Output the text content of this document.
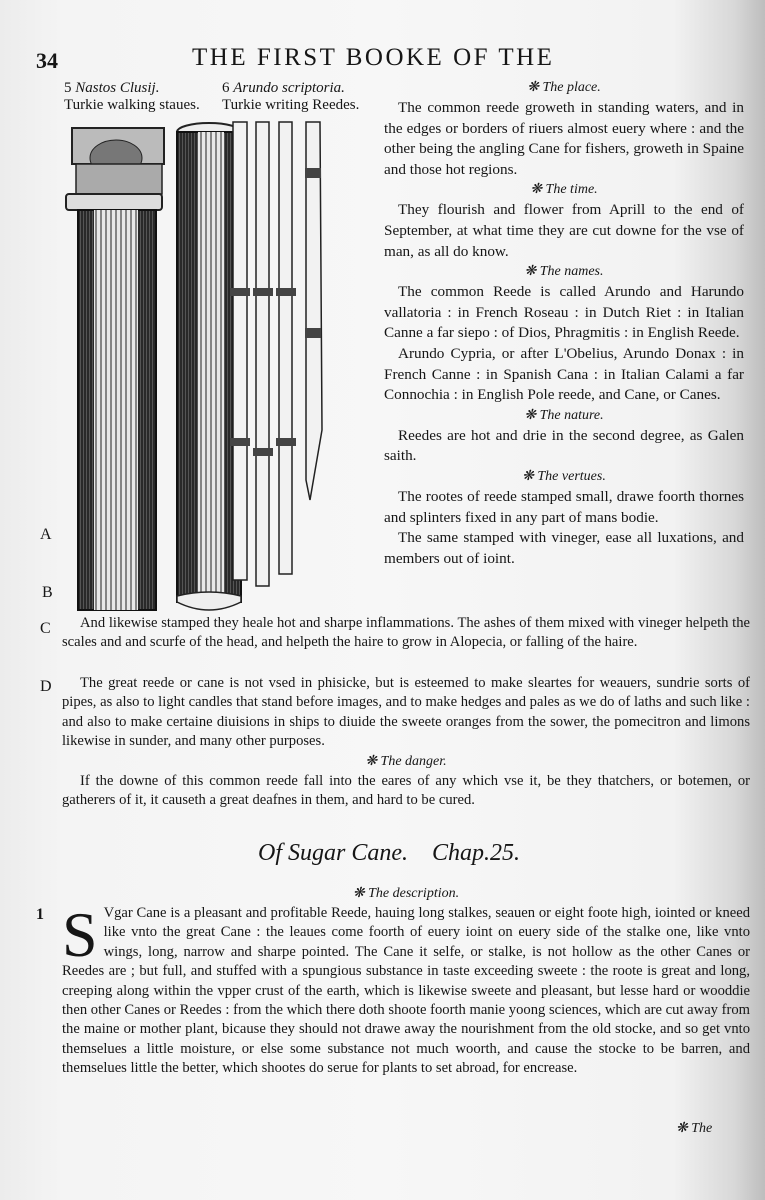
34	THE FIRST BOOKE OF THE
5 Nastos Clusij.
Turkie walking staues.
6 Arundo scriptoria.
Turkie writing Reedes.
A
B
❋ The place.

The common reede groweth in standing waters, and in the edges or borders of riuers almost euery where : and the other being the angling Cane for fishers, groweth in Spaine and those hot regions.

❋ The time.

They flourish and flower from Aprill to the end of September, at what time they are cut downe for the vse of man, as all do know.

❋ The names.

The common Reede is called Arundo and Harundo vallatoria : in French Roseau : in Dutch Riet : in Italian Canne a far siepo : of Dios, Phragmitis : in English Reede.

Arundo Cypria, or after L'Obelius, Arundo Donax : in French Canne : in Spanish Cana : in Italian Calami a far Connochia : in English Pole reede, and Cane, or Canes.

❋ The nature.

Reedes are hot and drie in the second degree, as Galen saith.

❋ The vertues.

The rootes of reede stamped small, drawe foorth thornes and splinters fixed in any part of mans bodie.

The same stamped with vineger, ease all luxations, and members out of ioint.

C	And likewise stamped they heale hot and sharpe inflammations. The ashes of them mixed with vineger helpeth the scales and and scurfe of the head, and helpeth the haire to grow in Alopecia, or falling of the haire.

D	The great reede or cane is not vsed in phisicke, but is esteemed to make sleartes for weauers, sundrie sorts of pipes, as also to light candles that stand before images, and to make hedges and pales as we do of laths and such like : and also to make certaine diuisions in ships to diuide the sweete oranges from the sower, the pomecitron and limons likewise in sunder, and many other purposes.

❋ The danger.

If the downe of this common reede fall into the eares of any which vse it, be they thatchers, or botemen, or gatherers of it, it causeth a great deafnes in them, and hard to be cured.

Of Sugar Cane. Chap.25.
❋ The description.
1 S Vgar Cane is a pleasant and profitable Reede, hauing long stalkes, seauen or eight foote high, iointed or kneed like vnto the great Cane : the leaues come foorth of euery ioint on euery side of the stalke one, like vnto wings, long, narrow and sharpe pointed. The Cane it selfe, or stalke, is not hollow as the other Canes or Reedes are ; but full, and stuffed with a spungious substance in taste exceeding sweete : the roote is great and long, creeping along within the vpper crust of the earth, which is likewise sweete and pleasant, but lesse hard or wooddie then other Canes or Reedes : from the which there doth shoote foorth manie yoong sciences, which are cut away from the maine or mother plant, bicause they should not drawe away the nourishment from the old stocke, and so get vnto themselues a little moisture, or else some substance not much woorth, and cause the stocke to be barren, and themselues little the better, which shootes do serue for plants to set abroad, for encrease.

❋ The
